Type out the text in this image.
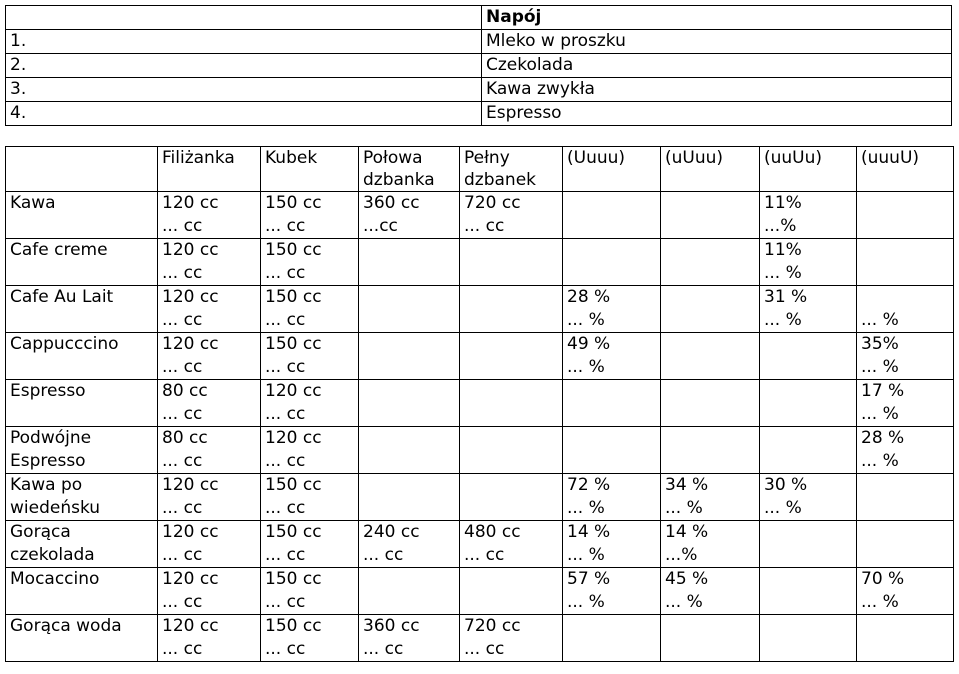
	Napój
1.	Mleko w proszku
2.	Czekolada
3.	Kawa zwykła
4.	Espresso
	Filiżanka	Kubek	Połowa	Pełny	(Uuuu)	(uUuu)	(uuUu)	(uuuU)
			dzbanka	dzbanek				
Kawa	120 cc	150 cc	360 cc	720 cc			11%	
	... cc	... cc	...cc	... cc			...%	
Cafe creme	120 cc	150 cc					11%	
	... cc	... cc					... %	
Cafe Au Lait	120 cc	150 cc			28 %		31 %	
	... cc	... cc			... %		... %	... %
Cappucccino	120 cc	150 cc			49 %			35%
	... cc	... cc			... %			... %
Espresso	80 cc	120 cc						17 %
	... cc	... cc						... %
Podwójne	80 cc	120 cc						28 %
Espresso	... cc	... cc						... %
Kawa po	120 cc	150 cc			72 %	34 %	30 %	
wiedeńsku	... cc	... cc			... %	... %	... %	
Gorąca	120 cc	150 cc	240 cc	480 cc	14 %	14 %		
czekolada	... cc	... cc	... cc	... cc	... %	...%		
Mocaccino	120 cc	150 cc			57 %	45 %		70 %
	... cc	... cc			... %	... %		... %
Gorąca woda	120 cc	150 cc	360 cc	720 cc				
	... cc	... cc	... cc	... cc				
